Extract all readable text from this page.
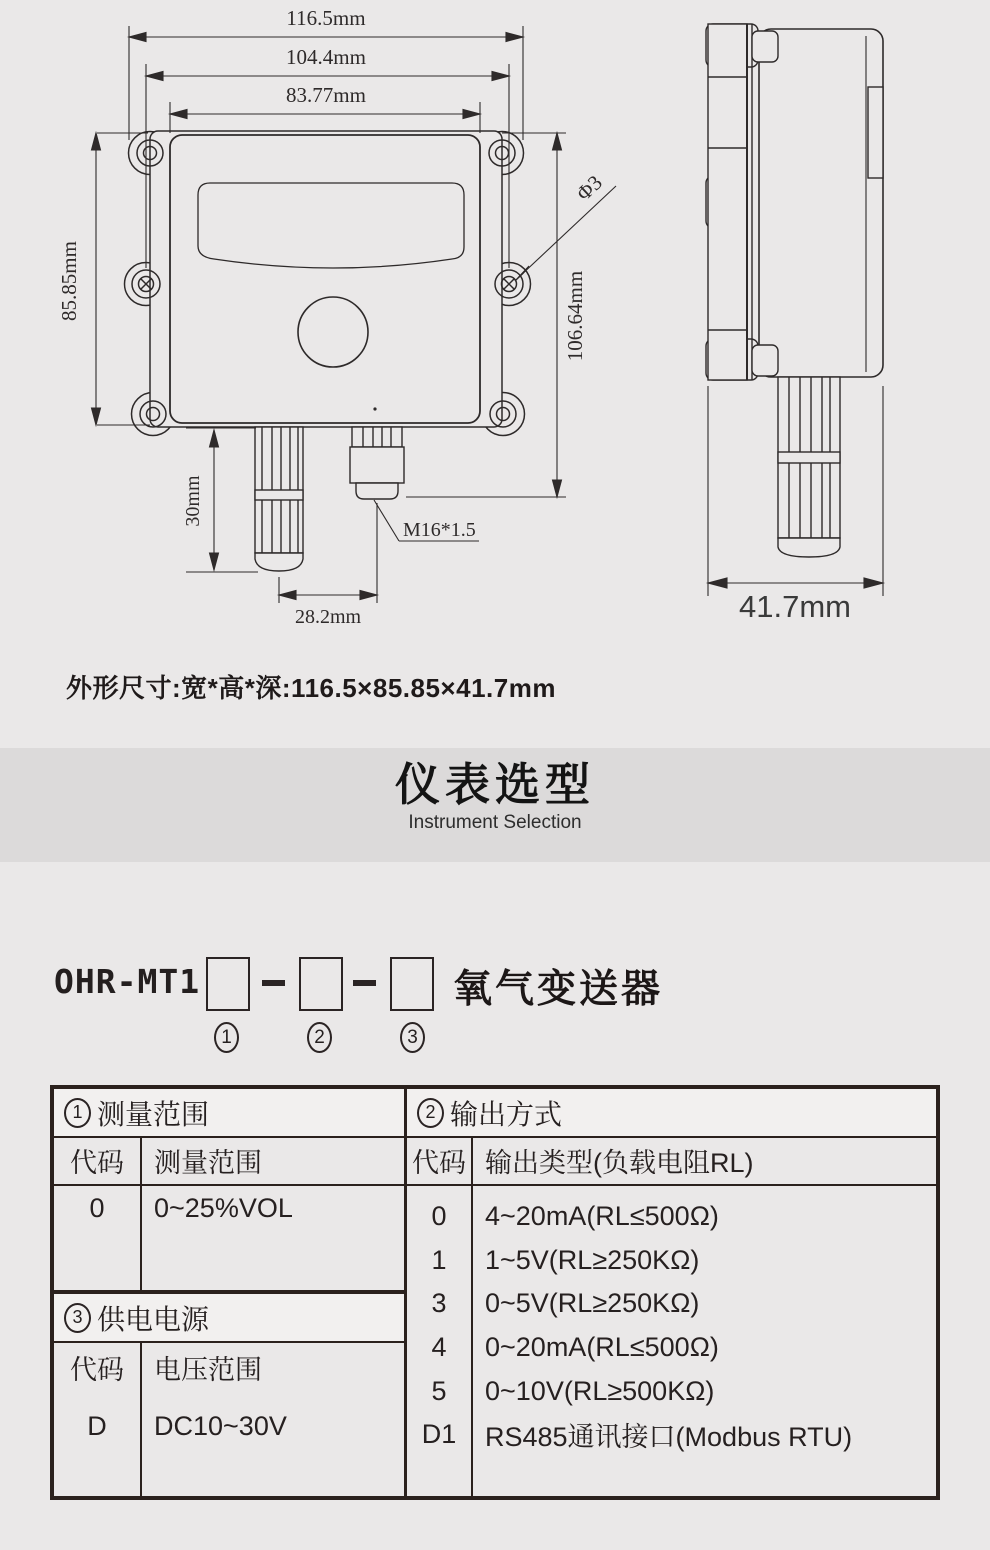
116.5mm
104.4mm
83.77mm
85.85mm	106.64mm
Φ3
30mm
28.2mm
M16*1.5
41.7mm
外形尺寸:宽*高*深:116.5×85.85×41.7mm
仪表选型
Instrument Selection
OHR-MT1	氧气变送器
1	2	3
1 测量范围
代码	测量范围
0	0~25%VOL
3 供电电源
代码	电压范围
D	DC10~30V
2 输出方式
代码 输出类型(负载电阻RL)
0	4~20mA(RL≤500Ω)
1	1~5V(RL≥250KΩ)
3	0~5V(RL≥250KΩ)
4	0~20mA(RL≤500Ω)
5	0~10V(RL≥500KΩ)
D1	RS485通讯接口(Modbus RTU)
